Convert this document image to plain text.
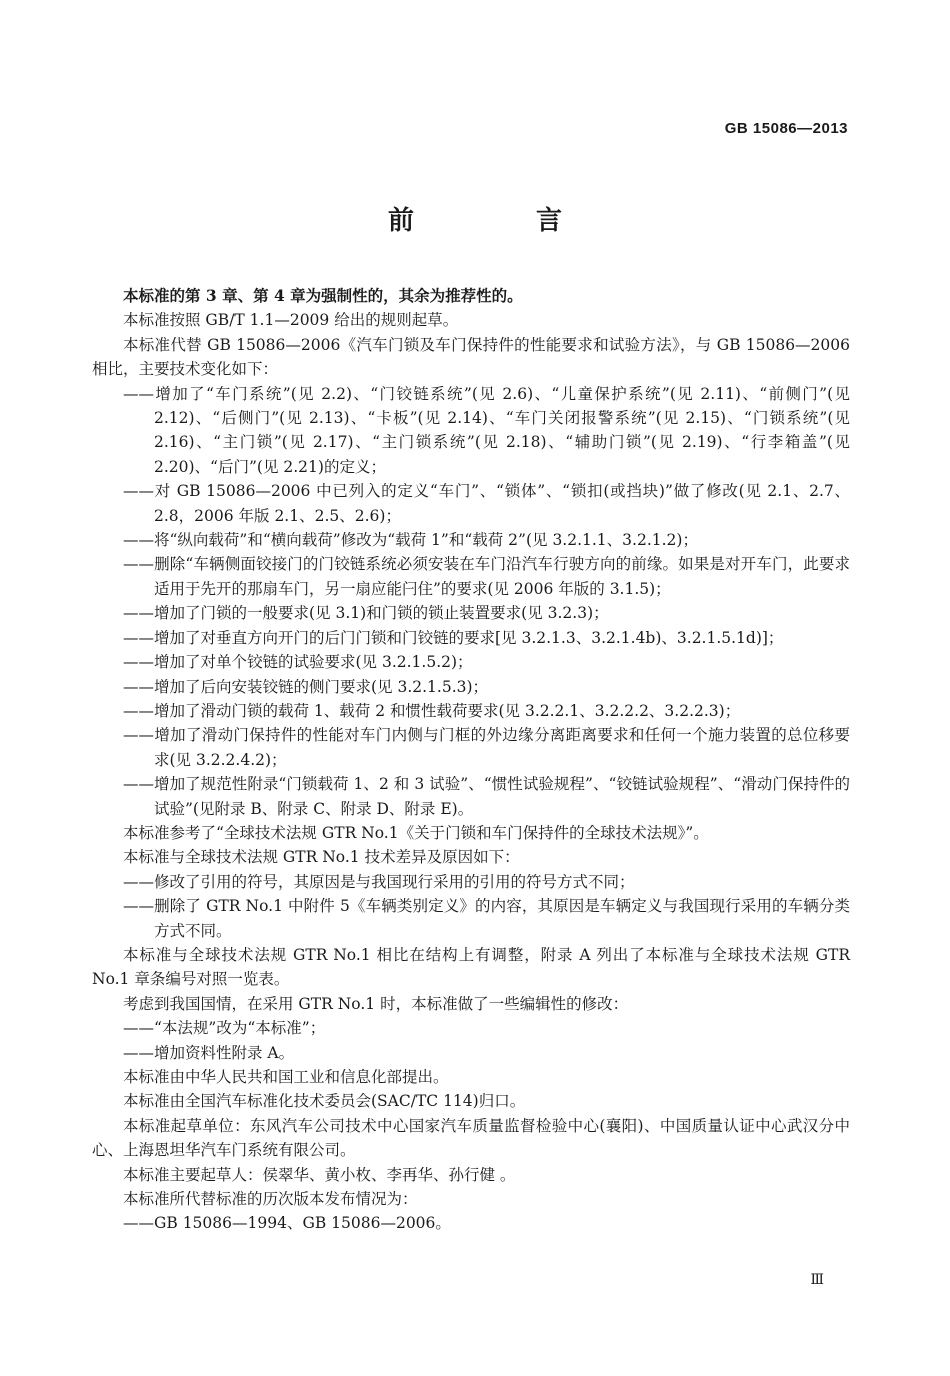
GB 15086—2013
前　言

本标准的第 3 章、第 4 章为强制性的，其余为推荐性的。

本标准按照 GB/T 1.1—2009 给出的规则起草。

本标准代替 GB 15086—2006《汽车门锁及车门保持件的性能要求和试验方法》，与 GB 15086—2006 相比，主要技术变化如下：

——增加了“车门系统”(见 2.2)、“门铰链系统”(见 2.6)、“儿童保护系统”(见 2.11)、“前侧门”(见 2.12)、“后侧门”(见 2.13)、“卡板”(见 2.14)、“车门关闭报警系统”(见 2.15)、“门锁系统”(见 2.16)、“主门锁”(见 2.17)、“主门锁系统”(见 2.18)、“辅助门锁”(见 2.19)、“行李箱盖”(见 2.20)、“后门”(见 2.21)的定义；

——对 GB 15086—2006 中已列入的定义“车门”、“锁体”、“锁扣(或挡块)”做了修改(见 2.1、2.7、2.8，2006 年版 2.1、2.5、2.6)；

——将“纵向载荷”和“横向载荷”修改为“载荷 1”和“载荷 2”(见 3.2.1.1、3.2.1.2)；

——删除“车辆侧面铰接门的门铰链系统必须安装在车门沿汽车行驶方向的前缘。如果是对开车门，此要求适用于先开的那扇车门，另一扇应能闩住”的要求(见 2006 年版的 3.1.5)；

——增加了门锁的一般要求(见 3.1)和门锁的锁止装置要求(见 3.2.3)；

——增加了对垂直方向开门的后门门锁和门铰链的要求[见 3.2.1.3、3.2.1.4b)、3.2.1.5.1d)]；

——增加了对单个铰链的试验要求(见 3.2.1.5.2)；

——增加了后向安装铰链的侧门要求(见 3.2.1.5.3)；

——增加了滑动门锁的载荷 1、载荷 2 和惯性载荷要求(见 3.2.2.1、3.2.2.2、3.2.2.3)；

——增加了滑动门保持件的性能对车门内侧与门框的外边缘分离距离要求和任何一个施力装置的总位移要求(见 3.2.2.4.2)；

——增加了规范性附录“门锁载荷 1、2 和 3 试验”、“惯性试验规程”、“铰链试验规程”、“滑动门保持件的试验”(见附录 B、附录 C、附录 D、附录 E)。

本标准参考了“全球技术法规 GTR No.1《关于门锁和车门保持件的全球技术法规》”。

本标准与全球技术法规 GTR No.1 技术差异及原因如下：

——修改了引用的符号，其原因是与我国现行采用的引用的符号方式不同；

——删除了 GTR No.1 中附件 5《车辆类别定义》的内容，其原因是车辆定义与我国现行采用的车辆分类方式不同。

本标准与全球技术法规 GTR No.1 相比在结构上有调整，附录 A 列出了本标准与全球技术法规 GTR No.1 章条编号对照一览表。

考虑到我国国情，在采用 GTR No.1 时，本标准做了一些编辑性的修改：

——“本法规”改为“本标准”；

——增加资料性附录 A。

本标准由中华人民共和国工业和信息化部提出。

本标准由全国汽车标准化技术委员会(SAC/TC 114)归口。

本标准起草单位：东风汽车公司技术中心国家汽车质量监督检验中心(襄阳)、中国质量认证中心武汉分中心、上海恩坦华汽车门系统有限公司。

本标准主要起草人：侯翠华、黄小枚、李再华、孙行健 。

本标准所代替标准的历次版本发布情况为：

——GB 15086—1994、GB 15086—2006。

Ⅲ
